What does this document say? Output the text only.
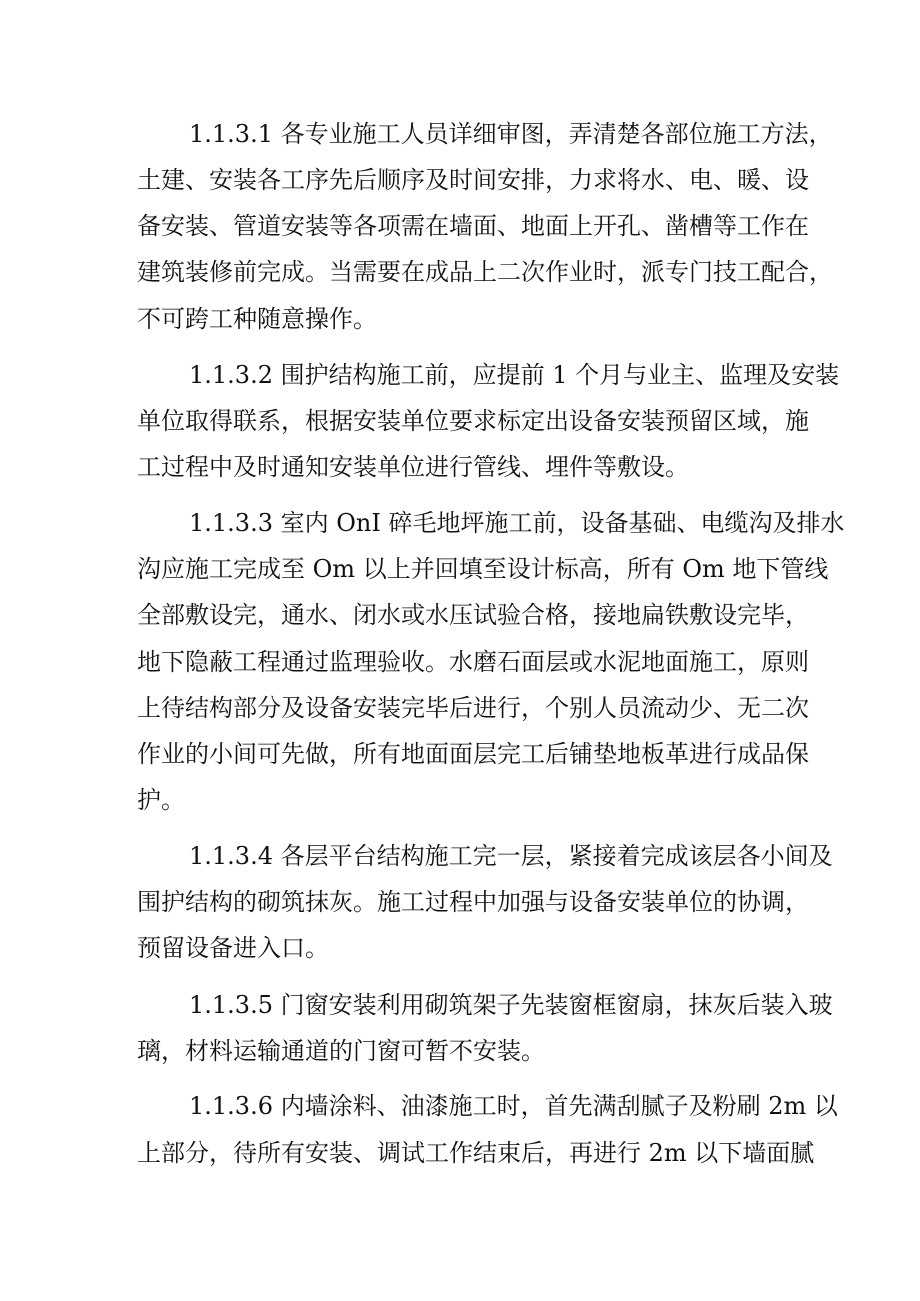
1.1.3.1 各专业施工人员详细审图，弄清楚各部位施工方法，
土建、安装各工序先后顺序及时间安排，力求将水、电、暖、设
备安装、管道安装等各项需在墙面、地面上开孔、凿槽等工作在
建筑装修前完成。当需要在成品上二次作业时，派专门技工配合，
不可跨工种随意操作。
1.1.3.2 围护结构施工前，应提前 1 个月与业主、监理及安装
单位取得联系，根据安装单位要求标定出设备安装预留区域，施
工过程中及时通知安装单位进行管线、埋件等敷设。
1.1.3.3 室内 OnI 碎毛地坪施工前，设备基础、电缆沟及排水
沟应施工完成至 Om 以上并回填至设计标高，所有 Om 地下管线
全部敷设完，通水、闭水或水压试验合格，接地扁铁敷设完毕，
地下隐蔽工程通过监理验收。水磨石面层或水泥地面施工，原则
上待结构部分及设备安装完毕后进行，个别人员流动少、无二次
作业的小间可先做，所有地面面层完工后铺垫地板革进行成品保
护。
1.1.3.4 各层平台结构施工完一层，紧接着完成该层各小间及
围护结构的砌筑抹灰。施工过程中加强与设备安装单位的协调，
预留设备进入口。
1.1.3.5 门窗安装利用砌筑架子先装窗框窗扇，抹灰后装入玻
璃，材料运输通道的门窗可暂不安装。
1.1.3.6 内墙涂料、油漆施工时，首先满刮腻子及粉刷 2m 以
上部分，待所有安装、调试工作结束后，再进行 2m 以下墙面腻
